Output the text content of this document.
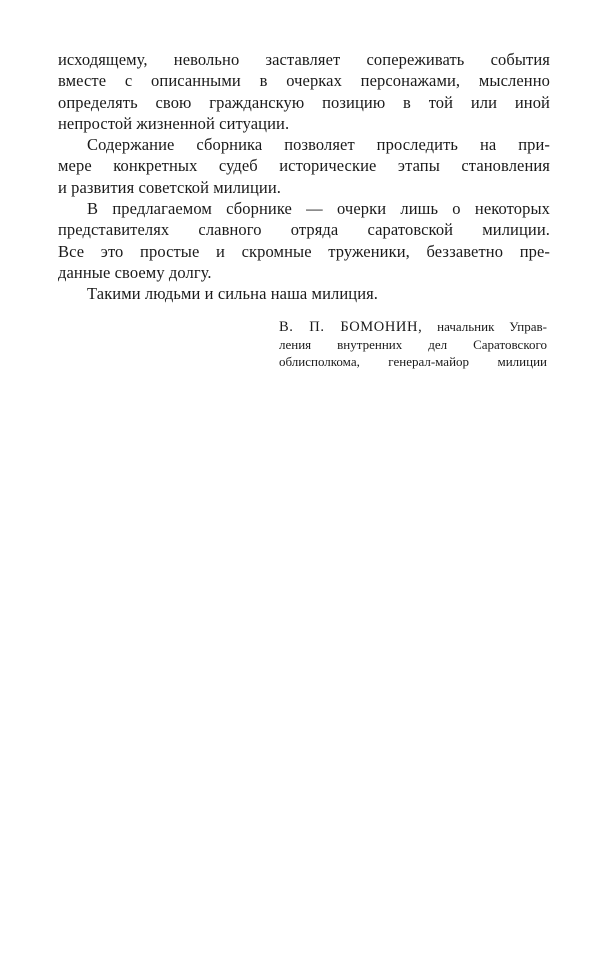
исходящему, невольно заставляет сопереживать события
вместе с описанными в очерках персонажами, мысленно
определять свою гражданскую позицию в той или иной
непростой жизненной ситуации.

Содержание сборника позволяет проследить на при-
мере конкретных судеб исторические этапы становления
и развития советской милиции.

В предлагаемом сборнике — очерки лишь о некоторых
представителях славного отряда саратовской милиции.
Все это простые и скромные труженики, беззаветно пре-
данные своему долгу.

Такими людьми и сильна наша милиция.

В. П. БОМОНИН, начальник Управ-
ления внутренних дел Саратовского
облисполкома, генерал-майор милиции
